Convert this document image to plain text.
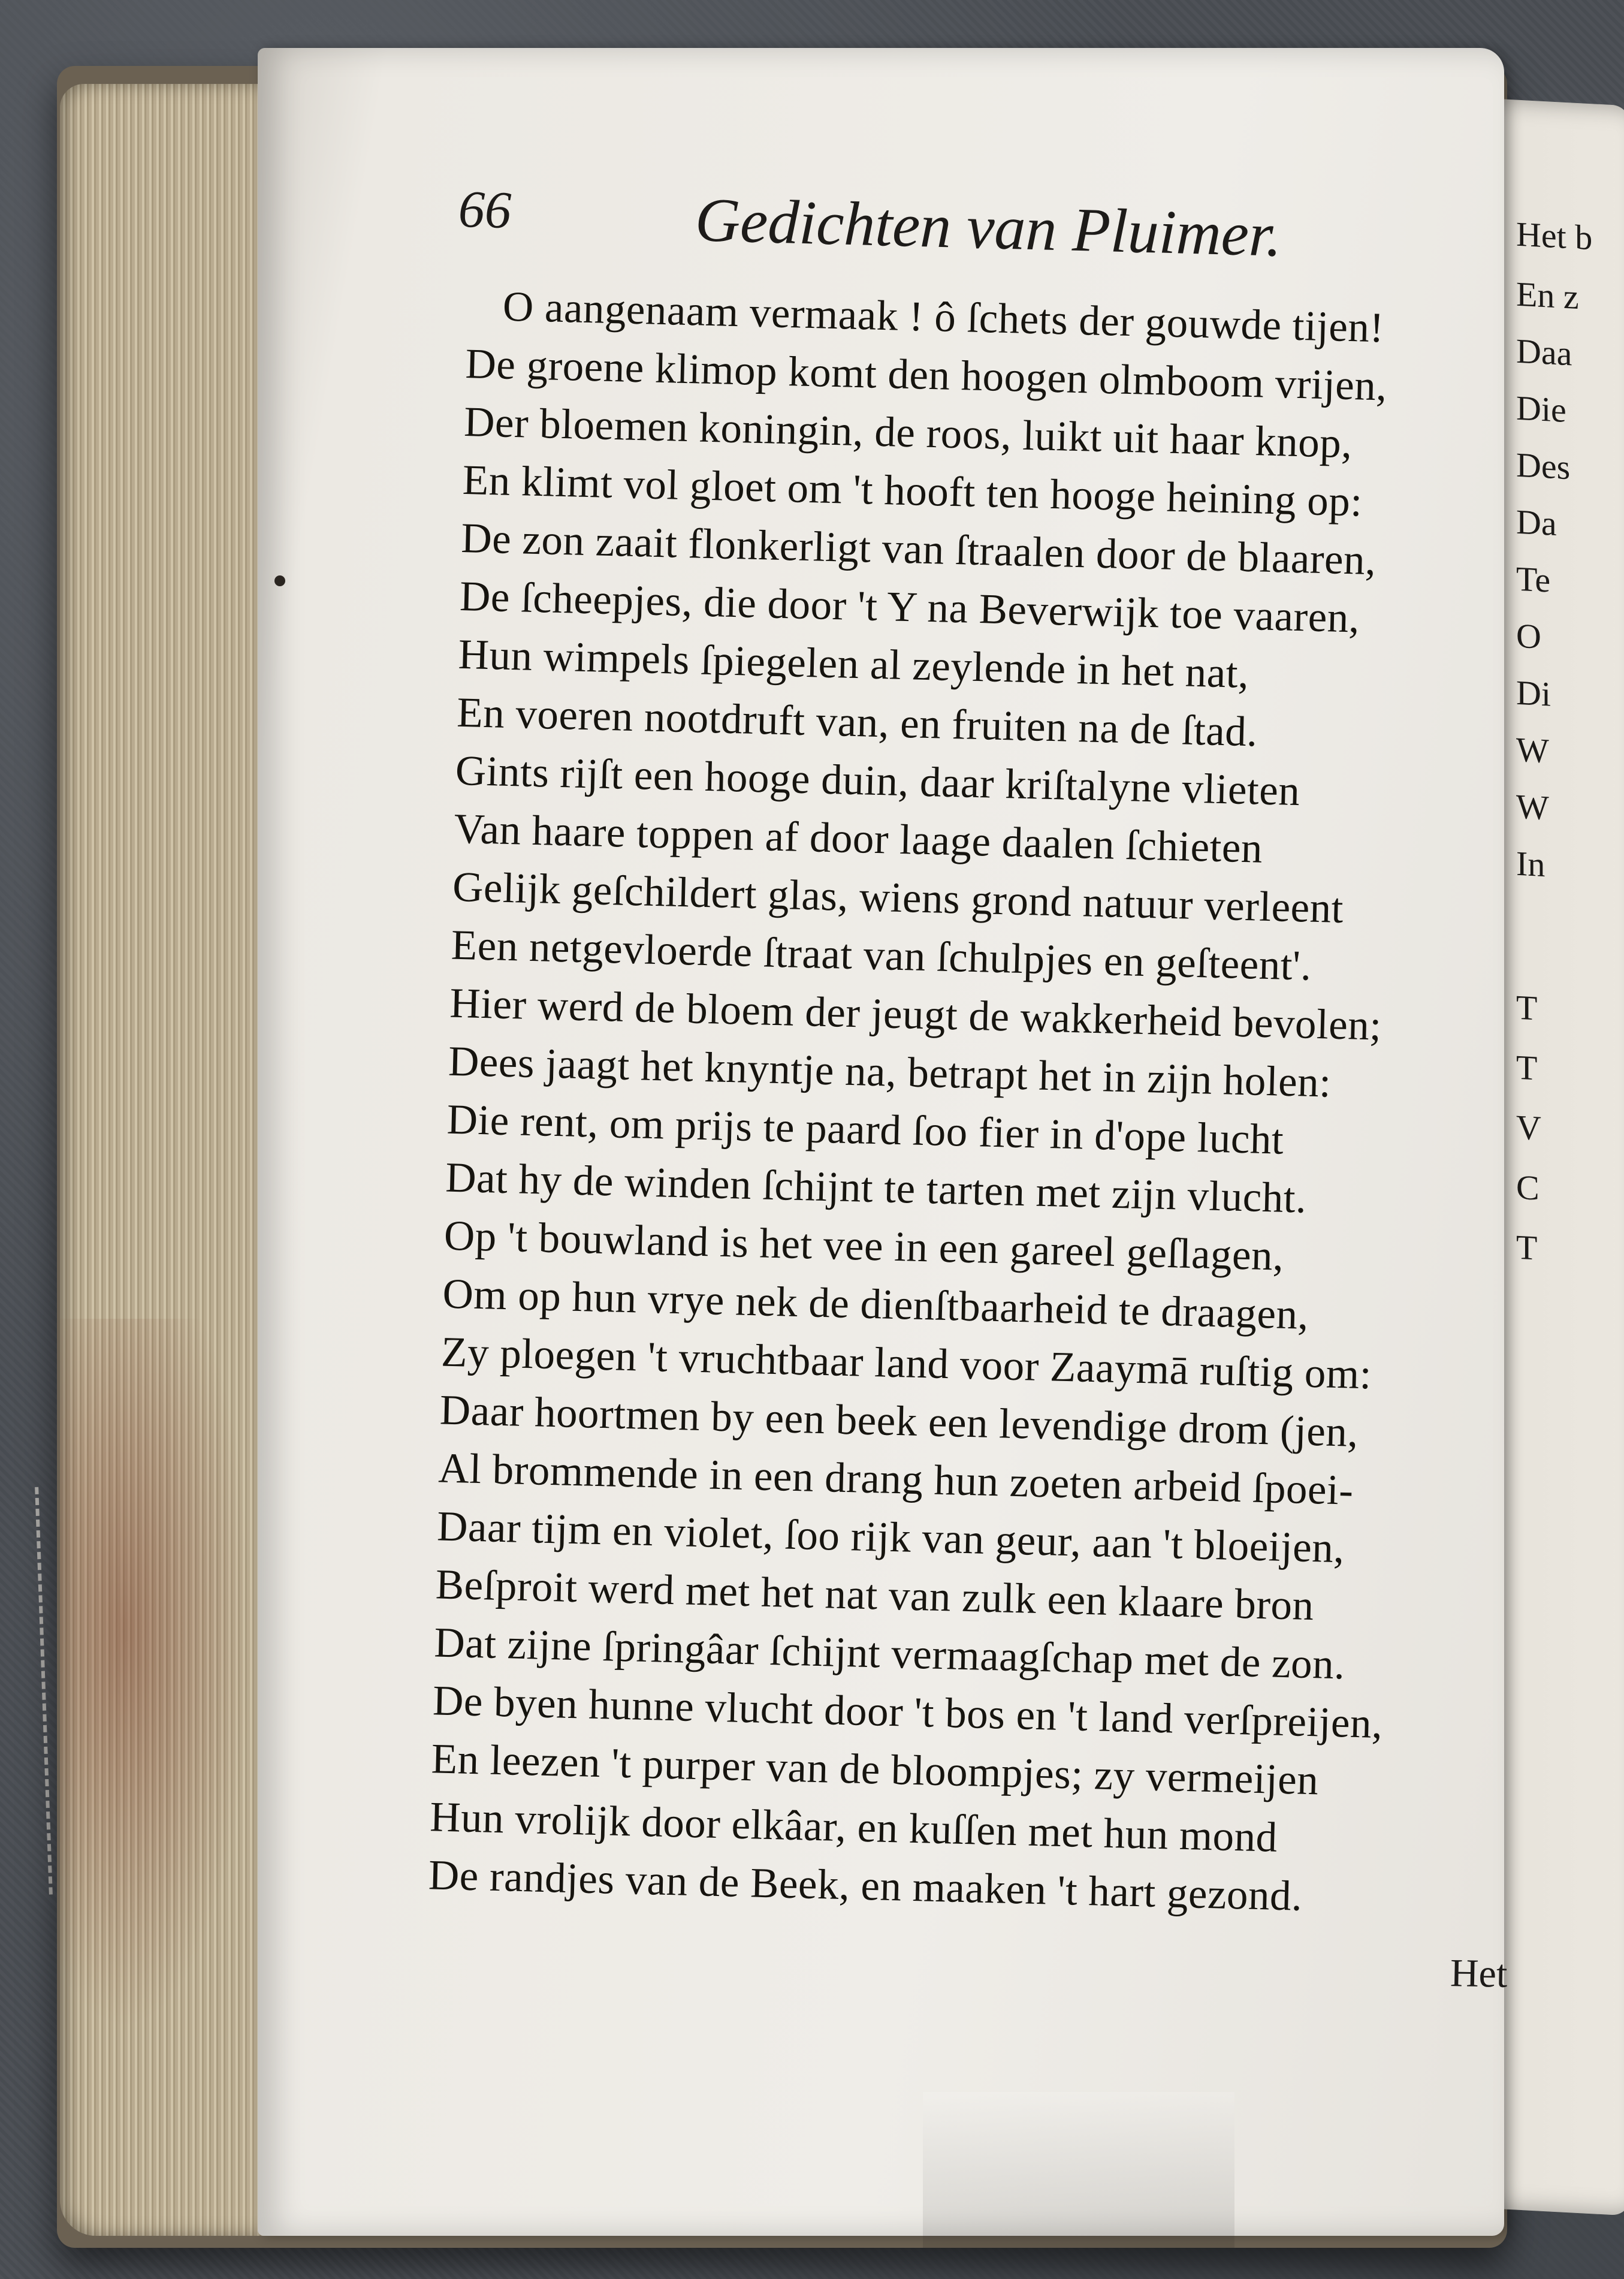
Het b
En z
Daa
Die
Des
Da
Te
O
Di
W
W
In
T
T
V
C
T
66	Gedichten van Pluimer.
O aangenaam vermaak ! ô ſchets der gouwde tijen!
De groene klimop komt den hoogen olmboom vrijen,
Der bloemen koningin, de roos, luikt uit haar knop,
En klimt vol gloet om 't hooft ten hooge heining op:
De zon zaait flonkerligt van ſtraalen door de blaaren,
De ſcheepjes, die door 't Y na Beverwijk toe vaaren,
Hun wimpels ſpiegelen al zeylende in het nat,
En voeren nootdruft van, en fruiten na de ſtad.
Gints rijſt een hooge duin, daar kriſtalyne vlieten
Van haare toppen af door laage daalen ſchieten
Gelijk geſchildert glas, wiens grond natuur verleent
Een netgevloerde ſtraat van ſchulpjes en geſteent'.
Hier werd de bloem der jeugt de wakkerheid bevolen;
Dees jaagt het knyntje na, betrapt het in zijn holen:
Die rent, om prijs te paard ſoo fier in d'ope lucht
Dat hy de winden ſchijnt te tarten met zijn vlucht.
Op 't bouwland is het vee in een gareel geſlagen,
Om op hun vrye nek de dienſtbaarheid te draagen,
Zy ploegen 't vruchtbaar land voor Zaaymā ruſtig om:
Daar hoortmen by een beek een levendige drom (jen,
Al brommende in een drang hun zoeten arbeid ſpoei-
Daar tijm en violet, ſoo rijk van geur, aan 't bloeijen,
Beſproit werd met het nat van zulk een klaare bron
Dat zijne ſpringâar ſchijnt vermaagſchap met de zon.
De byen hunne vlucht door 't bos en 't land verſpreijen,
En leezen 't purper van de bloompjes; zy vermeijen
Hun vrolijk door elkâar, en kuſſen met hun mond
De randjes van de Beek, en maaken 't hart gezond.
Het
